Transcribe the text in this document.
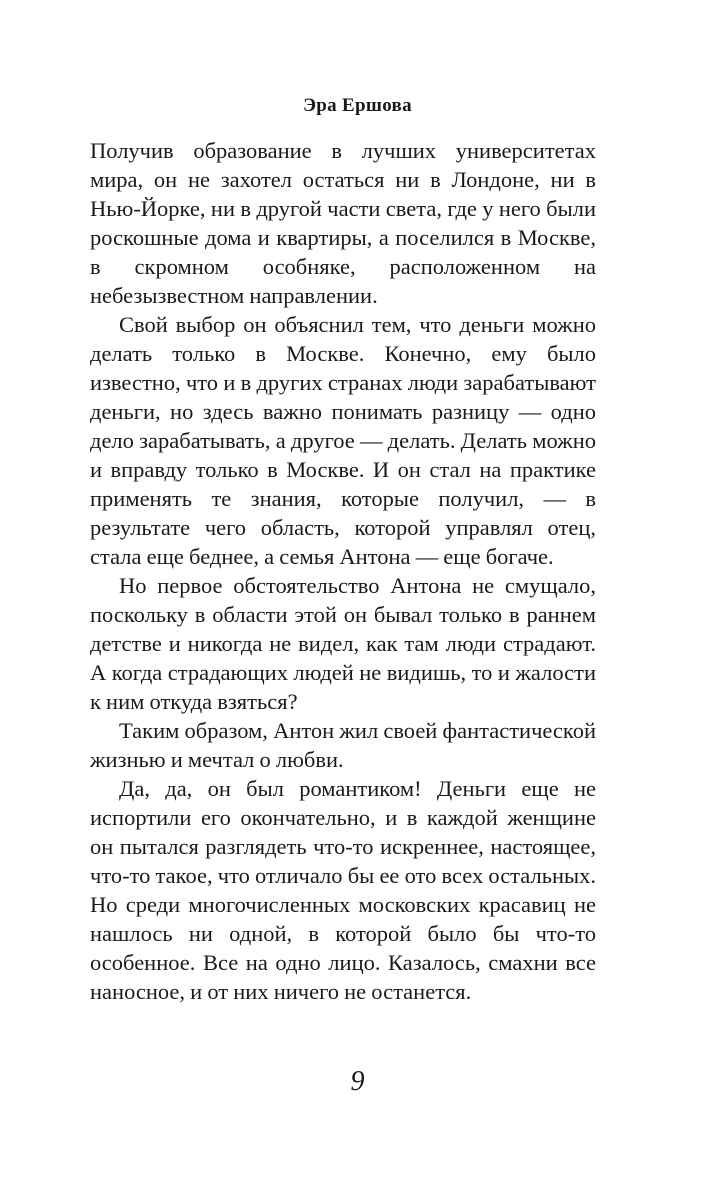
Эра Ершова

Получив образование в лучших университетах мира, он не захотел остаться ни в Лондоне, ни в Нью-Йорке, ни в другой части света, где у него были роскошные дома и квартиры, а поселился в Москве, в скромном особняке, расположенном на небезызвестном направлении.

Свой выбор он объяснил тем, что деньги можно делать только в Москве. Конечно, ему было известно, что и в других странах люди зарабатывают деньги, но здесь важно понимать разницу — одно дело зарабатывать, а другое — делать. Делать можно и вправду только в Москве. И он стал на практике применять те знания, которые получил, — в результате чего область, которой управлял отец, стала еще беднее, а семья Антона — еще богаче.

Но первое обстоятельство Антона не смущало, поскольку в области этой он бывал только в раннем детстве и никогда не видел, как там люди страдают. А когда страдающих людей не видишь, то и жалости к ним откуда взяться?

Таким образом, Антон жил своей фантастической жизнью и мечтал о любви.

Да, да, он был романтиком! Деньги еще не испортили его окончательно, и в каждой женщине он пытался разглядеть что-то искреннее, настоящее, что-то такое, что отличало бы ее ото всех остальных. Но среди многочисленных московских красавиц не нашлось ни одной, в которой было бы что-то особенное. Все на одно лицо. Казалось, смахни все наносное, и от них ничего не останется.

9
